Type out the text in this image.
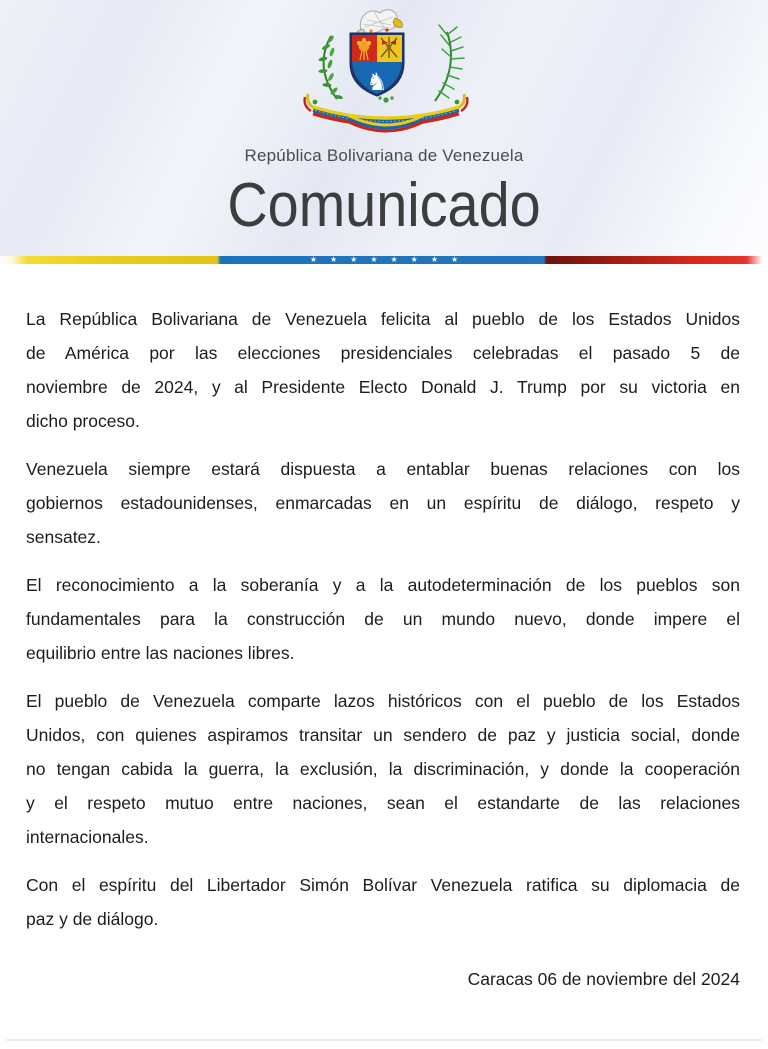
♞
República Bolivariana de Venezuela
Comunicado
★ ★ ★ ★ ★ ★ ★ ★
La República Bolivariana de Venezuela felicita al pueblo de los Estados Unidos
de América por las elecciones presidenciales celebradas el pasado 5 de
noviembre de 2024, y al Presidente Electo Donald J. Trump por su victoria en
dicho proceso.
Venezuela siempre estará dispuesta a entablar buenas relaciones con los
gobiernos estadounidenses, enmarcadas en un espíritu de diálogo, respeto y
sensatez.
El reconocimiento a la soberanía y a la autodeterminación de los pueblos son
fundamentales para la construcción de un mundo nuevo, donde impere el
equilibrio entre las naciones libres.
El pueblo de Venezuela comparte lazos históricos con el pueblo de los Estados
Unidos, con quienes aspiramos transitar un sendero de paz y justicia social, donde
no tengan cabida la guerra, la exclusión, la discriminación, y donde la cooperación
y el respeto mutuo entre naciones, sean el estandarte de las relaciones
internacionales.
Con el espíritu del Libertador Simón Bolívar Venezuela ratifica su diplomacia de
paz y de diálogo.
Caracas 06 de noviembre del 2024
